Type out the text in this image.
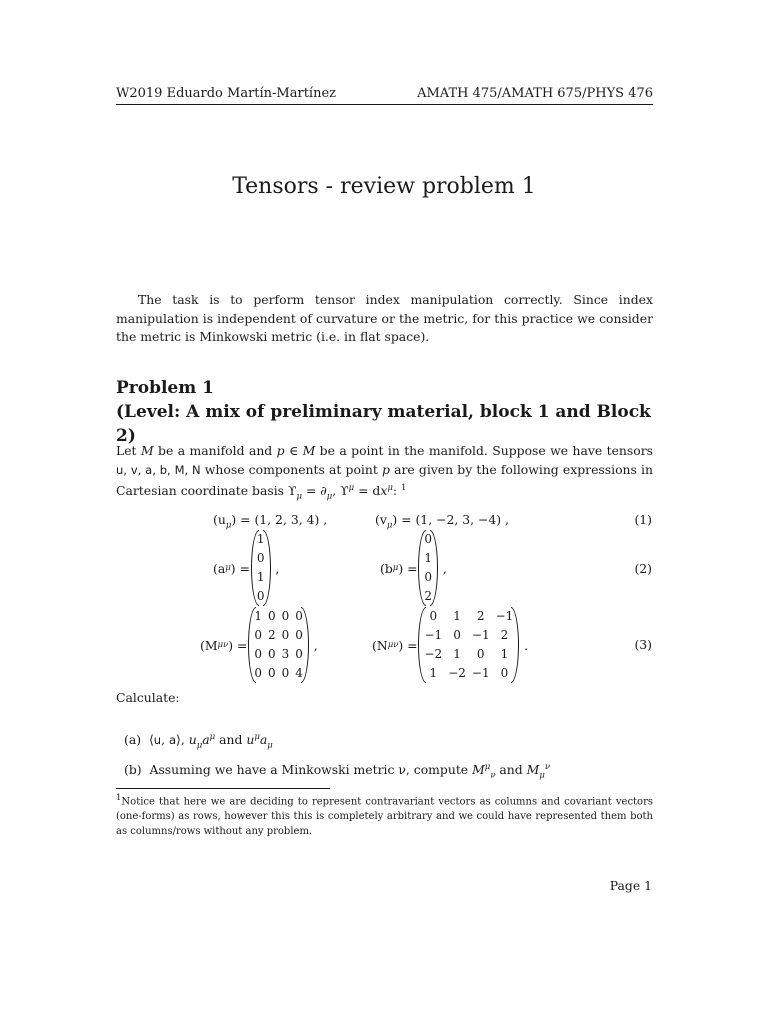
W2019 Eduardo Martín-Martínez	AMATH 475/AMATH 675/PHYS 476
Tensors - review problem 1
The task is to perform tensor index manipulation correctly. Since index manipulation is independent of curvature or the metric, for this practice we consider the metric is Minkowski metric (i.e. in flat space).
Problem 1
(Level: A mix of preliminary material, block 1 and Block 2)
Let M be a manifold and p ∈ M be a point in the manifold. Suppose we have tensors u, v, a, b, M, N whose components at point p are given by the following expressions in Cartesian coordinate basis $ϒ_\mu = \partial_\mu$, $ϒ^\mu = dx^\mu$: $^1$
$(u_\mu) = (1$, 2, 3, 4) ,	$(v_\mu) = (1$, −2, 3, −4) ,	(1)
(a μ ) =
1
0
1
0
,	(b μ ) =
0
1
0
2
,	(2)
(M μν ) =
1	0	0	0
0	2	0	0
0	0	3	0
0	0	0	4
,	(N μν ) =
0	1	2	−1
−1	0	−1	2
−2	1	0	1
1	−2	−1	0
.	(3)
Calculate:
(a)  ⟨u, a⟩, $u_\mu a^\mu$ and $u^\mu a_\mu$
(b) Assuming we have a Minkowski metric ν, compute $M^\mu_\nu$ and $M_\mu^\nu$
$^1$Notice that here we are deciding to represent contravariant vectors as columns and covariant vectors (one-forms) as rows, however this this is completely arbitrary and we could have represented them both as columns/rows without any problem.
Page 1
